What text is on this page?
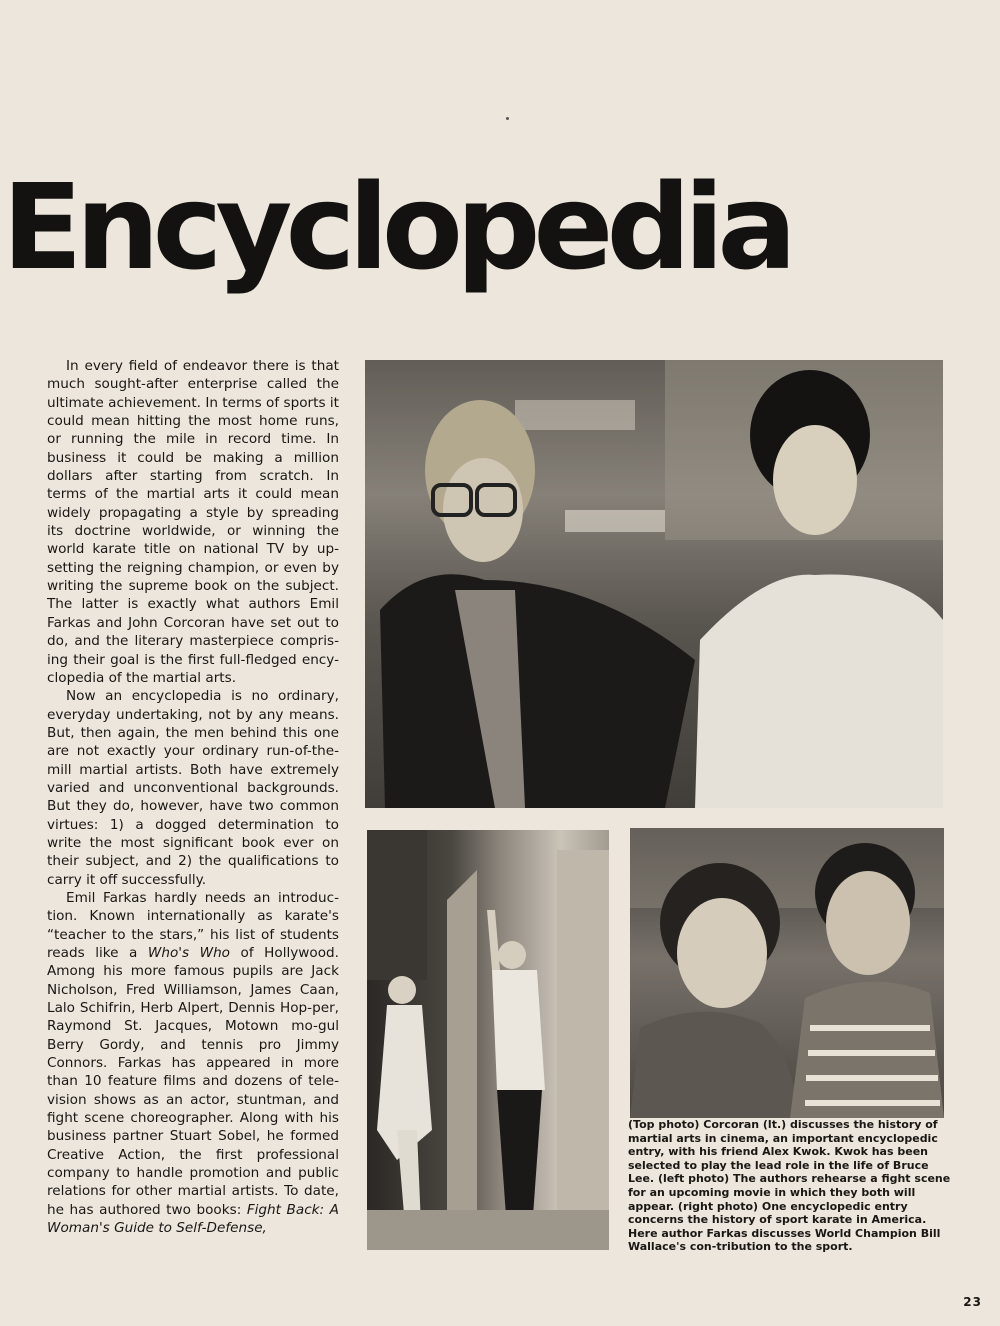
Encyclopedia

In every field of endeavor there is that much sought-after enterprise called the ultimate achievement. In terms of sports it could mean hitting the most home runs, or running the mile in record time. In business it could be making a million dollars after starting from scratch. In terms of the martial arts it could mean widely propagating a style by spreading its doctrine worldwide, or winning the world karate title on national TV by up-setting the reigning champion, or even by writing the supreme book on the subject. The latter is exactly what authors Emil Farkas and John Corcoran have set out to do, and the literary masterpiece compris-ing their goal is the first full-fledged ency-clopedia of the martial arts.

Now an encyclopedia is no ordinary, everyday undertaking, not by any means. But, then again, the men behind this one are not exactly your ordinary run-of-the-mill martial artists. Both have extremely varied and unconventional backgrounds. But they do, however, have two common virtues: 1) a dogged determination to write the most significant book ever on their subject, and 2) the qualifications to carry it off successfully.

Emil Farkas hardly needs an introduc-tion. Known internationally as karate's “teacher to the stars,” his list of students reads like a Who's Who of Hollywood. Among his more famous pupils are Jack Nicholson, Fred Williamson, James Caan, Lalo Schifrin, Herb Alpert, Dennis Hop-per, Raymond St. Jacques, Motown mo-gul Berry Gordy, and tennis pro Jimmy Connors. Farkas has appeared in more than 10 feature films and dozens of tele-vision shows as an actor, stuntman, and fight scene choreographer. Along with his business partner Stuart Sobel, he formed Creative Action, the first professional company to handle promotion and public relations for other martial artists. To date, he has authored two books: Fight Back: A Woman's Guide to Self-Defense,

(Top photo) Corcoran (lt.) discusses the history of martial arts in cinema, an important encyclopedic entry, with his friend Alex Kwok. Kwok has been selected to play the lead role in the life of Bruce Lee. (left photo) The authors rehearse a fight scene for an upcoming movie in which they both will appear. (right photo) One encyclopedic entry concerns the history of sport karate in America. Here author Farkas discusses World Champion Bill Wallace's con-tribution to the sport.
23
